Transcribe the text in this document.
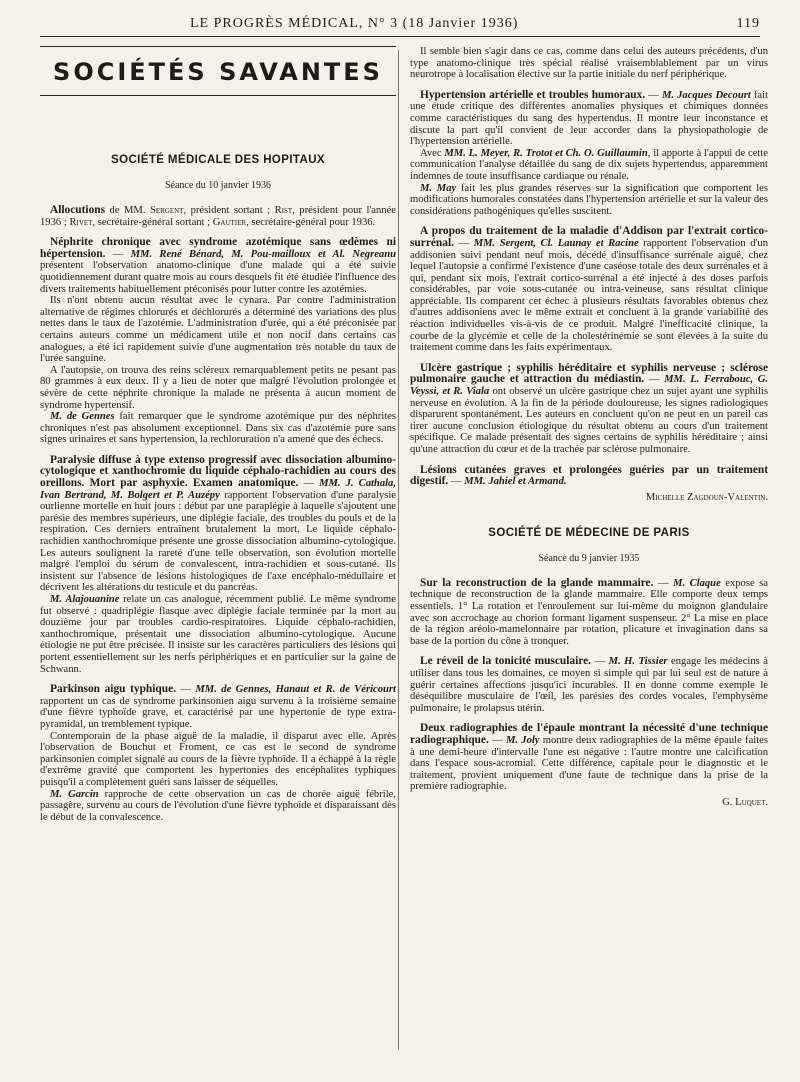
LE PROGRÈS MÉDICAL, N° 3 (18 Janvier 1936)	119
SOCIÉTÉS SAVANTES
SOCIÉTÉ MÉDICALE DES HOPITAUX
Séance du 10 janvier 1936

Allocutions de MM. Sergent, président sortant ; Rist, président pour l'année 1936 ; Rivet, secrétaire-général sortant ; Gautier, secrétaire-général pour 1936.

Néphrite chronique avec syndrome azotémique sans œdèmes ni hépertension. — MM. René Bénard, M. Pou-mailloux et Al. Negreanu présentent l'observation anatomo-clinique d'une malade qui a été suivie quotidiennement durant quatre mois au cours desquels fit été étudiée l'influence des divers traitements habituellement préconisés pour lutter contre les azotémies.

Ils n'ont obtenu aucun résultat avec le cynara. Par contre l'administration alternative de régimes chlorurés et déchlorurés a déterminé des variations des plus nettes dans le taux de l'azotémie. L'administration d'urée, qui a été préconisée par certains auteurs comme un médicament utile et non nocif dans certains cas analogues, a été ici rapidement suivie d'une augmentation très notable du taux de l'urée sanguine.

A l'autopsie, on trouva des reins scléreux remarquablement petits ne pesant pas 80 grammes à eux deux. Il y a lieu de noter que malgré l'évolution prolongée et sévère de cette néphrite chronique la malade ne présenta à aucun moment de syndrome hypertensif.

M. de Gennes fait remarquer que le syndrome azotémique pur des néphrites chroniques n'est pas absolument exceptionnel. Dans six cas d'azotémie pure sans signes urinaires et sans hypertension, la rechloruration n'a amené que des échecs.

Paralysie diffuse à type extenso progressif avec dissociation albumino-cytologique et xanthochromie du liquide céphalo-rachidien au cours des oreillons. Mort par asphyxie. Examen anatomique. — MM. J. Cathala, Ivan Bertrand, M. Bolgert et P. Auzépy rapportent l'observation d'une paralysie ourlienne mortelle en huit jours : début par une paraplégie à laquelle s'ajoutent une parésie des membres supérieurs, une diplégie faciale, des troubles du pouls et de la respiration. Ces derniers entraînent brutalement la mort. Le liquide céphalo-rachidien xanthochromique présente une grosse dissociation albumino-cytologique. Les auteurs soulignent la rareté d'une telle observation, son évolution mortelle malgré l'emploi du sérum de convalescent, intra-rachidien et sous-cutané. Ils insistent sur l'absence de lésions histologiques de l'axe encéphalo-médullaire et décrivent les altérations du testicule et du pancréas.

M. Alajouanine relate un cas analogue, récemment publié. Le même syndrome fut observé : quadriplégie flasque avec diplégie faciale terminée par la mort au douzième jour par troubles cardio-respiratoires. Liquide céphalo-rachidien, xanthochromique, présentait une dissociation albumino-cytologique. Aucune étiologie ne put être précisée. Il insiste sur les caractères particuliers des lésions qui portent essentiellement sur les nerfs périphériques et en particulier sur la gaine de Schwann.

Parkinson aigu typhique. — MM. de Gennes, Hanaut et R. de Véricourt rapportent un cas de syndrome parkinsonien aigu survenu à la troisième semaine d'une fièvre typhoïde grave, et caractérisé par une hypertonie de type extra-pyramidal, un tremblement typique.

Contemporain de la phase aiguë de la maladie, il disparut avec elle. Après l'observation de Bouchut et Froment, ce cas est le second de syndrome parkinsonien complet signalé au cours de la fièvre typhoïde. Il a échappé à la règle d'extrême gravité que comportent les hypertonies des encéphalites typhiques puisqu'il a complètement guéri sans laisser de séquelles.

M. Garcin rapproche de cette observation un cas de chorée aiguë fébrile, passagère, survenu au cours de l'évolution d'une fièvre typhoïde et disparaissant dès le début de la convalescence.

Il semble bien s'agir dans ce cas, comme dans celui des auteurs précédents, d'un type anatomo-clinique très spécial réalisé vraisemblablement par un virus neurotrope à localisation élective sur la partie initiale du nerf périphérique.

Hypertension artérielle et troubles humoraux. — M. Jacques Decourt fait une étude critique des différentes anomalies physiques et chimiques données comme caractéristiques du sang des hypertendus. Il montre leur inconstance et discute la part qu'il convient de leur accorder dans la physiopathologie de l'hypertension artérielle.

Avec MM. L. Meyer, R. Trotot et Ch. O. Guillaumin, il apporte à l'appui de cette communication l'analyse détaillée du sang de dix sujets hypertendus, apparemment indemnes de toute insuffisance cardiaque ou rénale.

M. May fait les plus grandes réserves sur la signification que comportent les modifications humorales constatées dans l'hypertension artérielle et sur la valeur des considérations pathogéniques qu'elles suscitent.

A propos du traitement de la maladie d'Addison par l'extrait cortico-surrénal. — MM. Sergent, Cl. Launay et Racine rapportent l'observation d'un addisonien suivi pendant neuf mois, décédé d'insuffisance surrénale aiguë, chez lequel l'autopsie a confirmé l'existence d'une caséose totale des deux surrénales et à qui, pendant six mois, l'extrait cortico-surrénal a été injecté à des doses parfois considérables, par voie sous-cutanée ou intra-veineuse, sans résultat clinique appréciable. Ils comparent cet échec à plusieurs résultats favorables obtenus chez d'autres addisoniens avec le même extrait et concluent à la grande variabilité des réaction individuelles vis-à-vis de ce produit. Malgré l'inefficacité clinique, la courbe de la glycémie et celle de la cholestérinémie se sont élevées à la suite du traitement comme dans les faits expérimentaux.

Ulcère gastrique ; syphilis héréditaire et syphilis nerveuse ; sclérose pulmonaire gauche et attraction du médiastin. — MM. L. Ferrabouc, G. Veyssi, et R. Viala ont observé un ulcère gastrique chez un sujet ayant une syphilis nerveuse en évolution. A la fin de la période douloureuse, les signes radiologiques disparurent spontanément. Les auteurs en concluent qu'on ne peut en un pareil cas tirer aucune conclusion étiologique du résultat obtenu au cours d'un traitement spécifique. Ce malade présentait des signes certains de syphilis héréditaire ; ainsi qu'une attraction du cœur et de la trachée par sclérose pulmonaire.

Lésions cutanées graves et prolongées guéries par un traitement digestif. — MM. Jahiel et Armand.

Michelle Zagdoun-Valentin.
SOCIÉTÉ DE MÉDECINE DE PARIS
Séance du 9 janvier 1935

Sur la reconstruction de la glande mammaire. — M. Claque expose sa technique de reconstruction de la glande mammaire. Elle comporte deux temps essentiels. 1° La rotation et l'enroulement sur lui-même du moignon glandulaire avec son accrochage au chorion formant ligament suspenseur. 2° La mise en place de la région aréolo-mamelonnaire par rotation, plicature et invagination dans sa base de la portion du cône à tronquer.

Le réveil de la tonicité musculaire. — M. H. Tissier engage les médecins à utiliser dans tous les domaines, ce moyen si simple qui par lui seul est de nature à guérir certaines affections jusqu'ici incurables. Il en donne comme exemple le déséquilibre musculaire de l'œil, les parésies des cordes vocales, l'emphysème pulmonaire, le prolapsus utérin.

Deux radiographies de l'épaule montrant la nécessité d'une technique radiographique. — M. Joly montre deux radiographies de la même épaule faites à une demi-heure d'intervalle l'une est négative : l'autre montre une calcification dans l'espace sous-acromial. Cette différence, capitale pour le diagnostic et le traitement, provient uniquement d'une faute de technique dans la prise de la première radiographie.

G. Luquet.
